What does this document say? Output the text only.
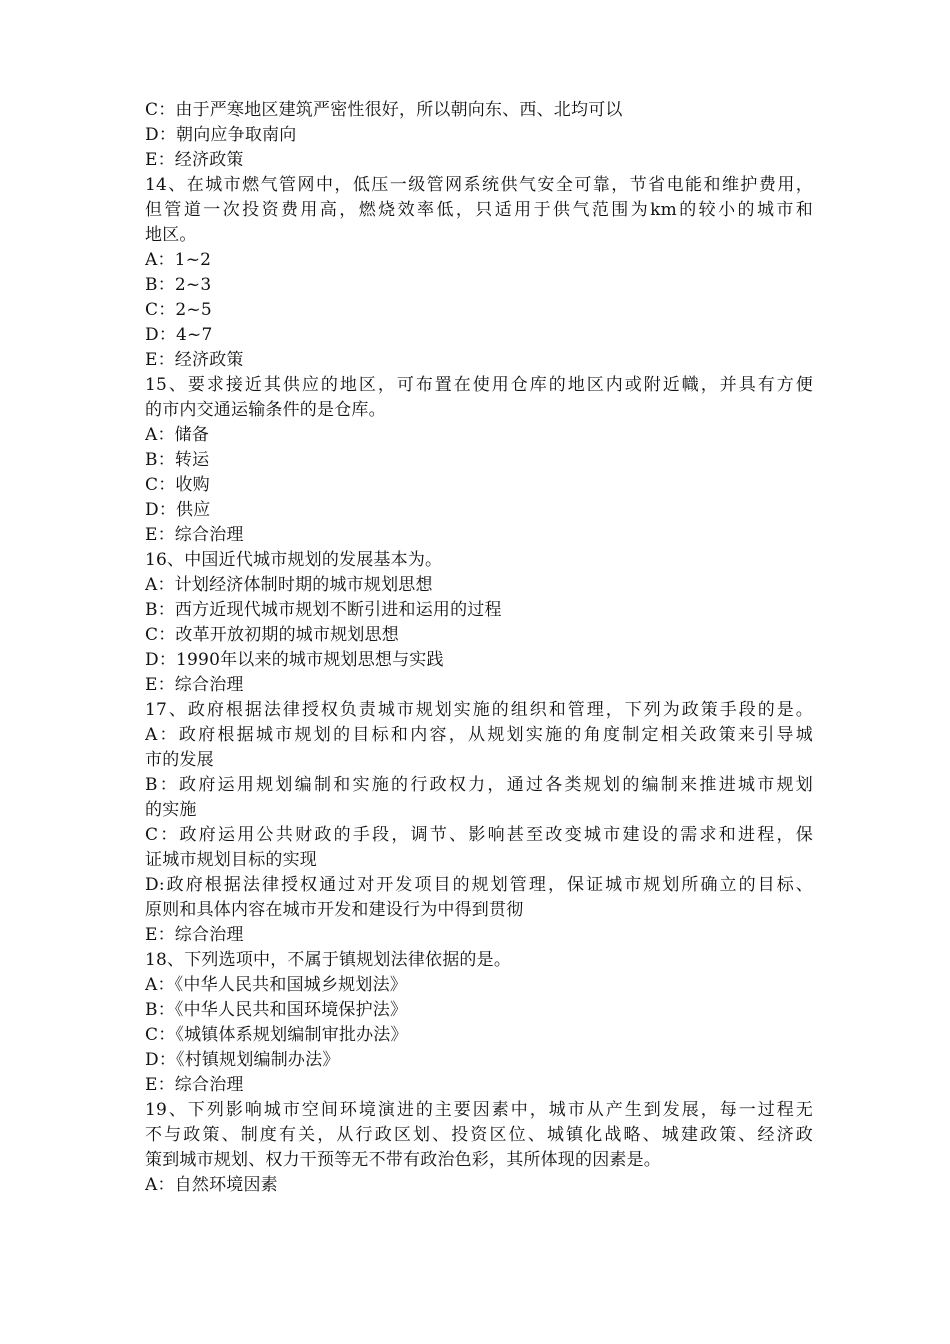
C：由于严寒地区建筑严密性很好，所以朝向东、西、北均可以
D：朝向应争取南向
E：经济政策
14、在城市燃气管网中，低压一级管网系统供气安全可靠，节省电能和维护费用，
但管道一次投资费用高，燃烧效率低，只适用于供气范围为km的较小的城市和
地区。
A：1~2
B：2~3
C：2~5
D：4~7
E：经济政策
15、要求接近其供应的地区，可布置在使用仓库的地区内或附近幟，并具有方便
的市内交通运输条件的是仓库。
A：储备
B：转运
C：收购
D：供应
E：综合治理
16、中国近代城市规划的发展基本为。
A：计划经济体制时期的城市规划思想
B：西方近现代城市规划不断引进和运用的过程
C：改革开放初期的城市规划思想
D：1990年以来的城市规划思想与实践
E：综合治理
17、政府根据法律授权负责城市规划实施的组织和管理，下列为政策手段的是。
A：政府根据城市规划的目标和内容，从规划实施的角度制定相关政策来引导城
市的发展
B：政府运用规划编制和实施的行政权力，通过各类规划的编制来推进城市规划
的实施
C：政府运用公共财政的手段，调节、影响甚至改变城市建设的需求和进程，保
证城市规划目标的实现
D:政府根据法律授权通过对开发项目的规划管理，保证城市规划所确立的目标、
原则和具体内容在城市开发和建设行为中得到贯彻
E：综合治理
18、下列选项中，不属于镇规划法律依据的是。
A：《中华人民共和国城乡规划法》
B：《中华人民共和国环境保护法》
C：《城镇体系规划编制审批办法》
D：《村镇规划编制办法》
E：综合治理
19、下列影响城市空间环境演进的主要因素中，城市从产生到发展，每一过程无
不与政策、制度有关，从行政区划、投资区位、城镇化战略、城建政策、经济政
策到城市规划、权力干预等无不带有政治色彩，其所体现的因素是。
A：自然环境因素
